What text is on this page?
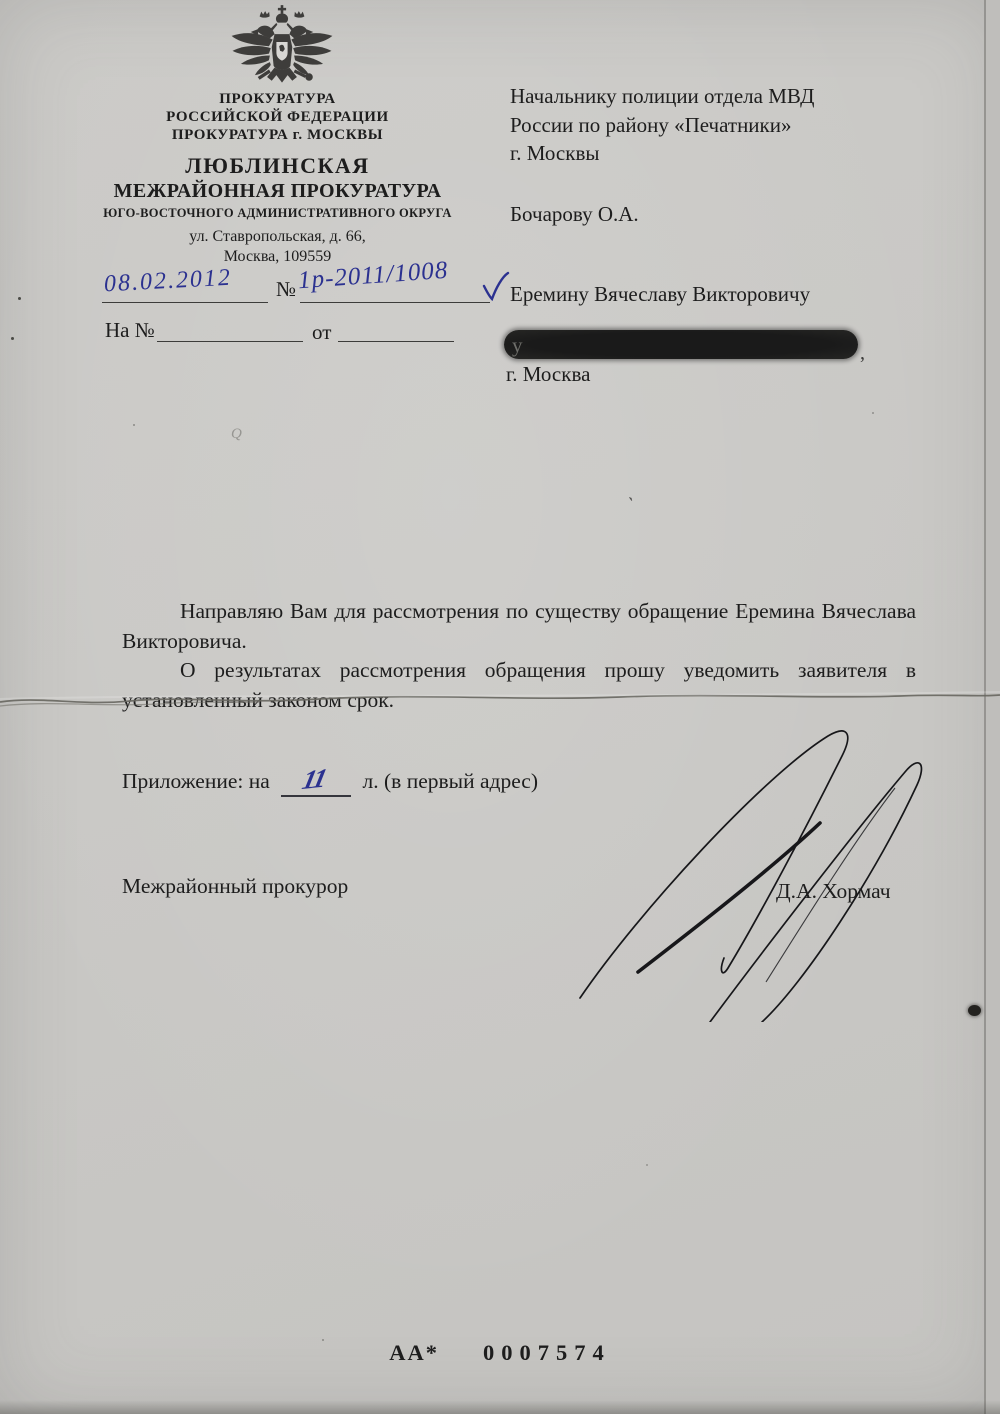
ПРОКУРАТУРА
РОССИЙСКОЙ ФЕДЕРАЦИИ
ПРОКУРАТУРА г. МОСКВЫ
ЛЮБЛИНСКАЯ
МЕЖРАЙОННАЯ ПРОКУРАТУРА
ЮГО-ВОСТОЧНОГО АДМИНИСТРАТИВНОГО ОКРУГА
ул. Ставропольская, д. 66,
Москва, 109559
08.02.2012 № 1р-2011/1008
На №	от
Начальнику полиции отдела МВД
России по району «Печатники»
г. Москвы
Бочарову О.А.
Еремину Вячеславу Викторовичу
у	,
г. Москва

Направляю Вам для рассмотрения по существу обращение Еремина Вячеслава Викторовича.

О результатах рассмотрения обращения прошу уведомить заявителя в установленный законом срок.

Приложение: на 11 л. (в первый адрес)
Межрайонный прокурор	Д.А. Хормач
АА* 0007574
Q
`
